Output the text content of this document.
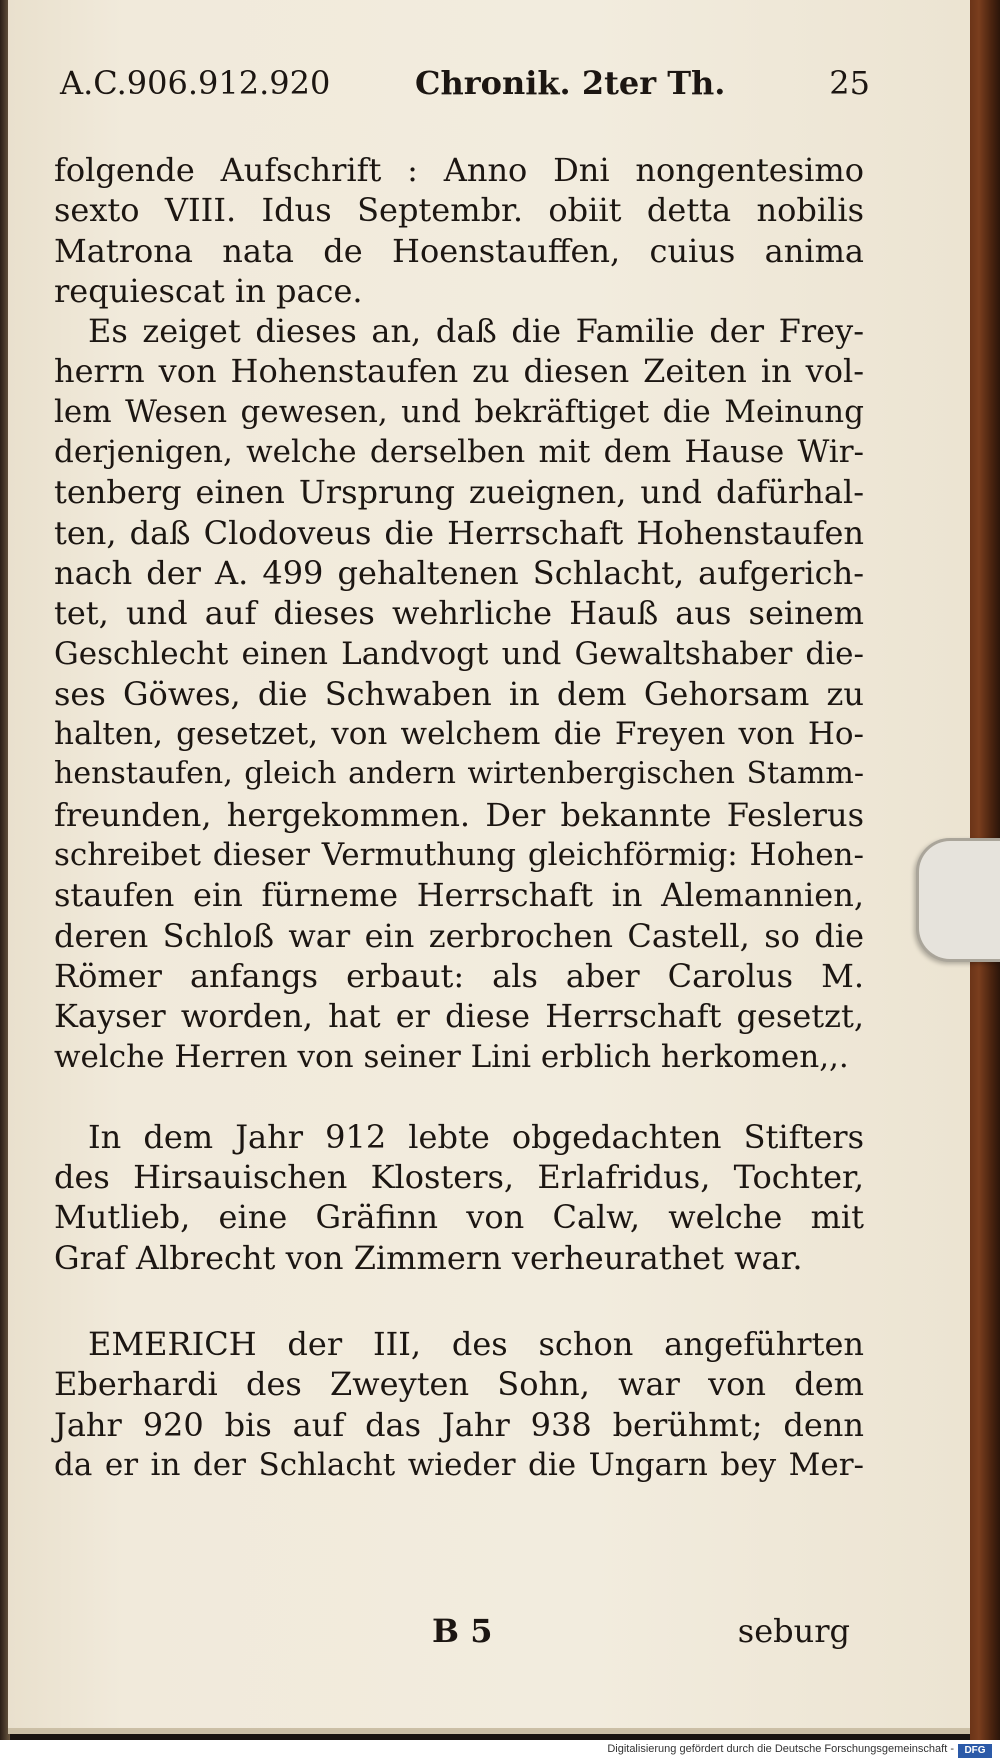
A.C.906.912.920	Chronik. 2ter Th.	25
folgende Aufschrift : Anno Dni nongentesimo
sexto VIII. Idus Septembr. obiit detta nobilis
Matrona nata de Hoenstauffen, cuius anima
requiescat in pace.
Es zeiget dieses an, daß die Familie der Frey-
herrn von Hohenstaufen zu diesen Zeiten in vol-
lem Wesen gewesen, und bekräftiget die Meinung
derjenigen, welche derselben mit dem Hause Wir-
tenberg einen Ursprung zueignen, und dafürhal-
ten, daß Clodoveus die Herrschaft Hohenstaufen
nach der A. 499 gehaltenen Schlacht, aufgerich-
tet, und auf dieses wehrliche Hauß aus seinem
Geschlecht einen Landvogt und Gewaltshaber die-
ses Göwes, die Schwaben in dem Gehorsam zu
halten, gesetzet, von welchem die Freyen von Ho-
henstaufen, gleich andern wirtenbergischen Stamm-
freunden, hergekommen. Der bekannte Feslerus
schreibet dieser Vermuthung gleichförmig: Hohen-
staufen ein fürneme Herrschaft in Alemannien,
deren Schloß war ein zerbrochen Castell, so die
Römer anfangs erbaut: als aber Carolus M.
Kayser worden, hat er diese Herrschaft gesetzt,
welche Herren von seiner Lini erblich herkomen,,.
In dem Jahr 912 lebte obgedachten Stifters
des Hirsauischen Klosters, Erlafridus, Tochter,
Mutlieb, eine Gräfinn von Calw, welche mit
Graf Albrecht von Zimmern verheurathet war.
EMERICH der III, des schon angeführten
Eberhardi des Zweyten Sohn, war von dem
Jahr 920 bis auf das Jahr 938 berühmt; denn
da er in der Schlacht wieder die Ungarn bey Mer-
B 5	seburg
Digitalisierung gefördert durch die Deutsche Forschungsgemeinschaft -	DFG
